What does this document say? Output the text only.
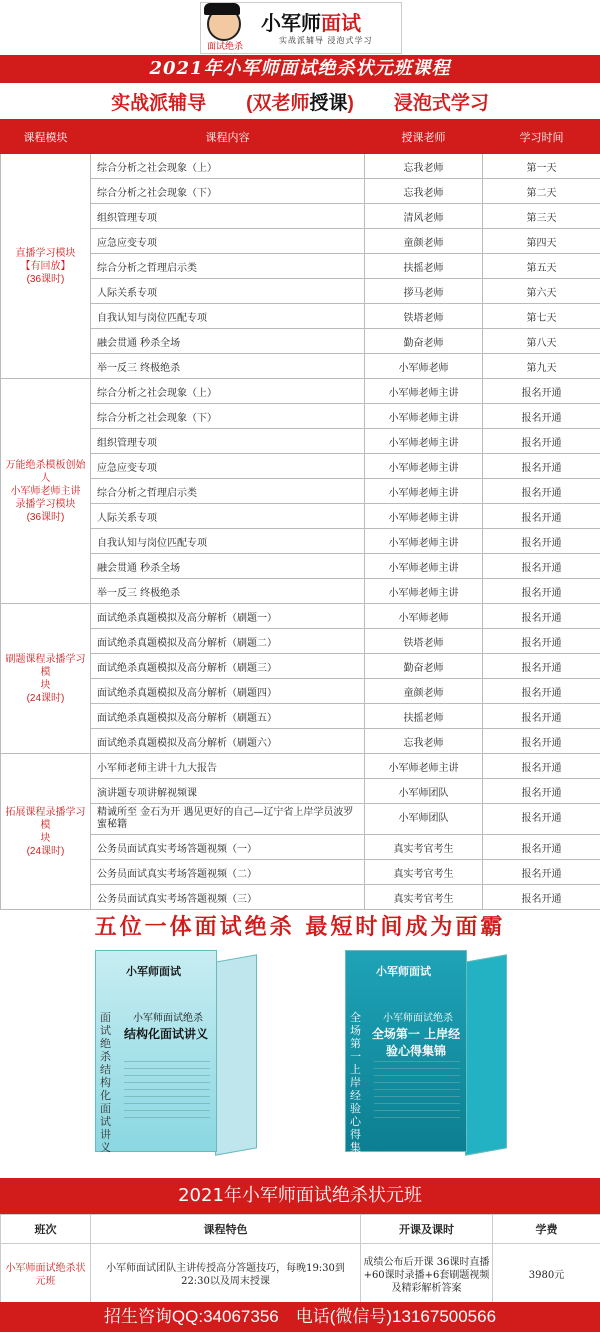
面试绝杀
小军师面试
实战派辅导 浸泡式学习
2021年小军师面试绝杀状元班课程
实战派辅导 (双老师授课) 浸泡式学习
课程模块	课程内容	授课老师	学习时间

直播学习模块
【有回放】
(36课时)	综合分析之社会现象（上）	忘我老师	第一天
	综合分析之社会现象（下）	忘我老师	第二天
	组织管理专项	清风老师	第三天
	应急应变专项	童颜老师	第四天
	综合分析之哲理启示类	扶摇老师	第五天
	人际关系专项	拶马老师	第六天
	自我认知与岗位匹配专项	铁塔老师	第七天
	融会贯通 秒杀全场	勤奋老师	第八天
	举一反三 终极绝杀	小军师老师	第九天

万能绝杀模板创始人
小军师老师主讲
录播学习模块
(36课时)	综合分析之社会现象（上）	小军师老师主讲	报名开通
	综合分析之社会现象（下）	小军师老师主讲	报名开通
	组织管理专项	小军师老师主讲	报名开通
	应急应变专项	小军师老师主讲	报名开通
	综合分析之哲理启示类	小军师老师主讲	报名开通
	人际关系专项	小军师老师主讲	报名开通
	自我认知与岗位匹配专项	小军师老师主讲	报名开通
	融会贯通 秒杀全场	小军师老师主讲	报名开通
	举一反三 终极绝杀	小军师老师主讲	报名开通

刷题课程录播学习模
块
(24课时)	面试绝杀真题模拟及高分解析（刷题一）	小军师老师	报名开通
	面试绝杀真题模拟及高分解析（刷题二）	铁塔老师	报名开通
	面试绝杀真题模拟及高分解析（刷题三）	勤奋老师	报名开通
	面试绝杀真题模拟及高分解析（刷题四）	童颜老师	报名开通
	面试绝杀真题模拟及高分解析（刷题五）	扶摇老师	报名开通
	面试绝杀真题模拟及高分解析（刷题六）	忘我老师	报名开通

拓展课程录播学习模
块
(24课时)	小军师老师主讲十九大报告	小军师老师主讲	报名开通
	演讲题专项讲解视频课	小军师团队	报名开通
	精诚所至 金石为开 遇见更好的自己—辽宁省上岸学员波罗蜜秘籍	小军师团队	报名开通
	公务员面试真实考场答题视频（一）	真实考官考生	报名开通
	公务员面试真实考场答题视频（二）	真实考官考生	报名开通
	公务员面试真实考场答题视频（三）	真实考官考生	报名开通
五位一体面试绝杀 最短时间成为面霸
小军师面试
面试绝杀 结构化面试讲义
小军师面试绝杀
结构化面试讲义
小军师面试
全场第一上岸经验心得集锦
小军师面试绝杀
全场第一 上岸经验心得集锦
2021年小军师面试绝杀状元班
班次	课程特色	开课及课时	学费
小军师面试绝杀状元班	小军师面试团队主讲传授高分答题技巧，每晚19:30到22:30以及周末授课	成绩公布后开课 36课时直播+60课时录播+6套刷题视频及精彩解析答案	3980元
招生咨询QQ:34067356　电话(微信号)13167500566
